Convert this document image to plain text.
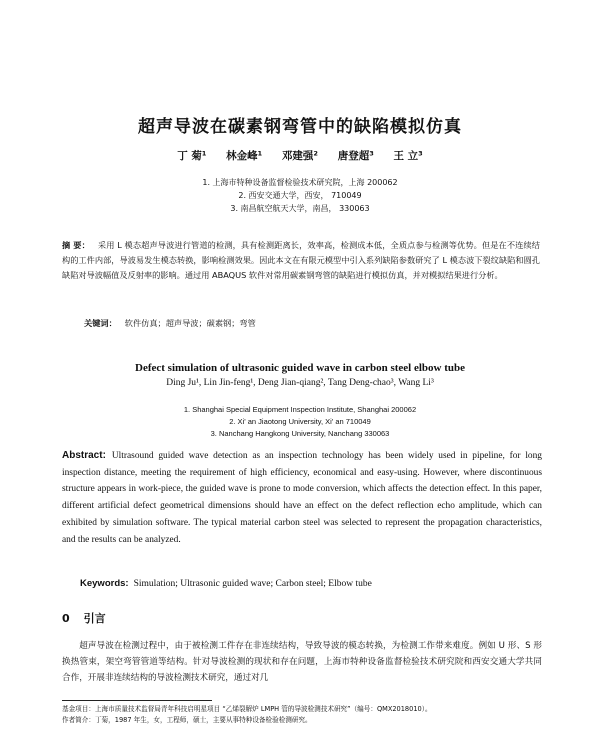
超声导波在碳素钢弯管中的缺陷模拟仿真
丁 菊¹ 林金峰¹ 邓建强² 唐登超³ 王 立³
1. 上海市特种设备监督检验技术研究院，上海 200062
2. 西安交通大学，西安， 710049
3. 南昌航空航天大学，南昌， 330063
摘 要： 采用 L 模态超声导波进行管道的检测，具有检测距离长，效率高，检测成本低，全质点参与检测等优势。但是在不连续结构的工件内部，导波易发生模态转换，影响检测效果。因此本文在有限元模型中引入系列缺陷参数研究了 L 模态波下裂纹缺陷和圆孔缺陷对导波幅值及反射率的影响。通过用 ABAQUS 软件对常用碳素钢弯管的缺陷进行模拟仿真，并对模拟结果进行分析。
关键词： 软件仿真；超声导波；碳素钢；弯管
Defect simulation of ultrasonic guided wave in carbon steel elbow tube
Ding Ju¹, Lin Jin-feng¹, Deng Jian-qiang², Tang Deng-chao³, Wang Li³
1. Shanghai Special Equipment Inspection Institute, Shanghai 200062
2. Xi' an Jiaotong University, Xi' an 710049
3. Nanchang Hangkong University, Nanchang 330063
Abstract: Ultrasound guided wave detection as an inspection technology has been widely used in pipeline, for long inspection distance, meeting the requirement of high efficiency, economical and easy-using. However, where discontinuous structure appears in work-piece, the guided wave is prone to mode conversion, which affects the detection effect. In this paper, different artificial defect geometrical dimensions should have an effect on the defect reflection echo amplitude, which can exhibited by simulation software. The typical material carbon steel was selected to represent the propagation characteristics, and the results can be analyzed.
Keywords: Simulation; Ultrasonic guided wave; Carbon steel; Elbow tube
0 引言
超声导波在检测过程中，由于被检测工件存在非连续结构，导致导波的模态转换，为检测工作带来难度。例如 U 形、S 形换热管束，架空弯管管道等结构。针对导波检测的现状和存在问题，上海市特种设备监督检验技术研究院和西安交通大学共同合作，开展非连续结构的导波检测技术研究，通过对几
基金项目：上海市质量技术监督局青年科技启明星项目 “乙烯裂解炉 LMPH 管的导波检测技术研究”（编号：QMX2018010）。
作者简介：丁菊，1987 年生，女，工程师，硕士，主要从事特种设备检验检测研究。
